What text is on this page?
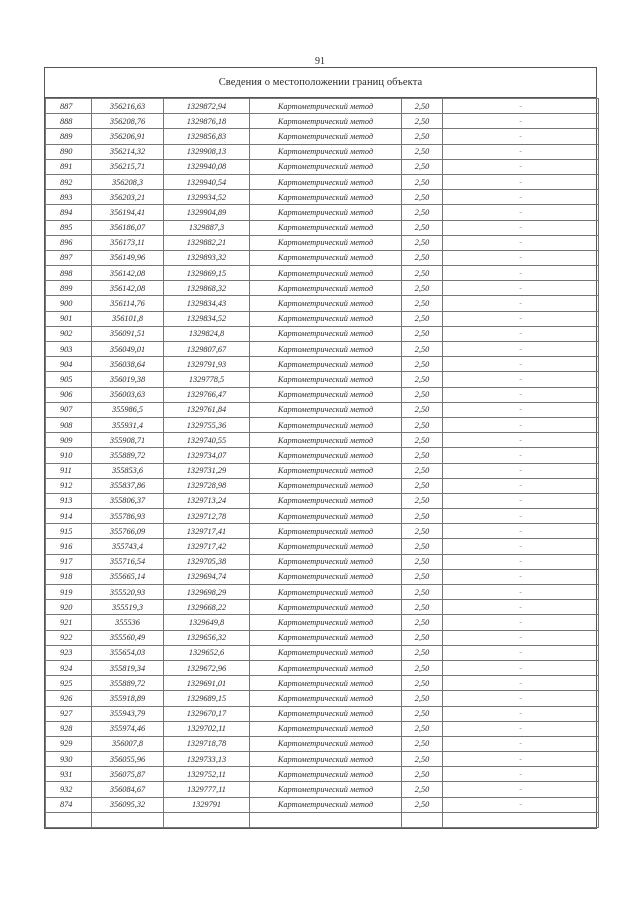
91
Сведения о местоположении границ объекта
887	356216,63	1329872,94	Картометрический метод	2,50	-
888	356208,76	1329876,18	Картометрический метод	2,50	-
889	356206,91	1329856,83	Картометрический метод	2,50	-
890	356214,32	1329908,13	Картометрический метод	2,50	-
891	356215,71	1329940,08	Картометрический метод	2,50	-
892	356208,3	1329940,54	Картометрический метод	2,50	-
893	356203,21	1329934,52	Картометрический метод	2,50	-
894	356194,41	1329904,89	Картометрический метод	2,50	-
895	356186,07	1329887,3	Картометрический метод	2,50	-
896	356173,11	1329882,21	Картометрический метод	2,50	-
897	356149,96	1329893,32	Картометрический метод	2,50	-
898	356142,08	1329869,15	Картометрический метод	2,50	-
899	356142,08	1329868,32	Картометрический метод	2,50	-
900	356114,76	1329834,43	Картометрический метод	2,50	-
901	356101,8	1329834,52	Картометрический метод	2,50	-
902	356091,51	1329824,8	Картометрический метод	2,50	-
903	356049,01	1329807,67	Картометрический метод	2,50	-
904	356038,64	1329791,93	Картометрический метод	2,50	-
905	356019,38	1329778,5	Картометрический метод	2,50	-
906	356003,63	1329766,47	Картометрический метод	2,50	-
907	355986,5	1329761,84	Картометрический метод	2,50	-
908	355931,4	1329755,36	Картометрический метод	2,50	-
909	355908,71	1329740,55	Картометрический метод	2,50	-
910	355889,72	1329734,07	Картометрический метод	2,50	-
911	355853,6	1329731,29	Картометрический метод	2,50	-
912	355837,86	1329728,98	Картометрический метод	2,50	-
913	355806,37	1329713,24	Картометрический метод	2,50	-
914	355786,93	1329712,78	Картометрический метод	2,50	-
915	355766,09	1329717,41	Картометрический метод	2,50	-
916	355743,4	1329717,42	Картометрический метод	2,50	-
917	355716,54	1329705,38	Картометрический метод	2,50	-
918	355665,14	1329694,74	Картометрический метод	2,50	-
919	355520,93	1329698,29	Картометрический метод	2,50	-
920	355519,3	1329668,22	Картометрический метод	2,50	-
921	355536	1329649,8	Картометрический метод	2,50	-
922	355560,49	1329656,32	Картометрический метод	2,50	-
923	355654,03	1329652,6	Картометрический метод	2,50	-
924	355819,34	1329672,96	Картометрический метод	2,50	-
925	355889,72	1329691,01	Картометрический метод	2,50	-
926	355918,89	1329689,15	Картометрический метод	2,50	-
927	355943,79	1329670,17	Картометрический метод	2,50	-
928	355974,46	1329702,11	Картометрический метод	2,50	-
929	356007,8	1329718,78	Картометрический метод	2,50	-
930	356055,96	1329733,13	Картометрический метод	2,50	-
931	356075,87	1329752,11	Картометрический метод	2,50	-
932	356084,67	1329777,11	Картометрический метод	2,50	-
874	356095,32	1329791	Картометрический метод	2,50	-
